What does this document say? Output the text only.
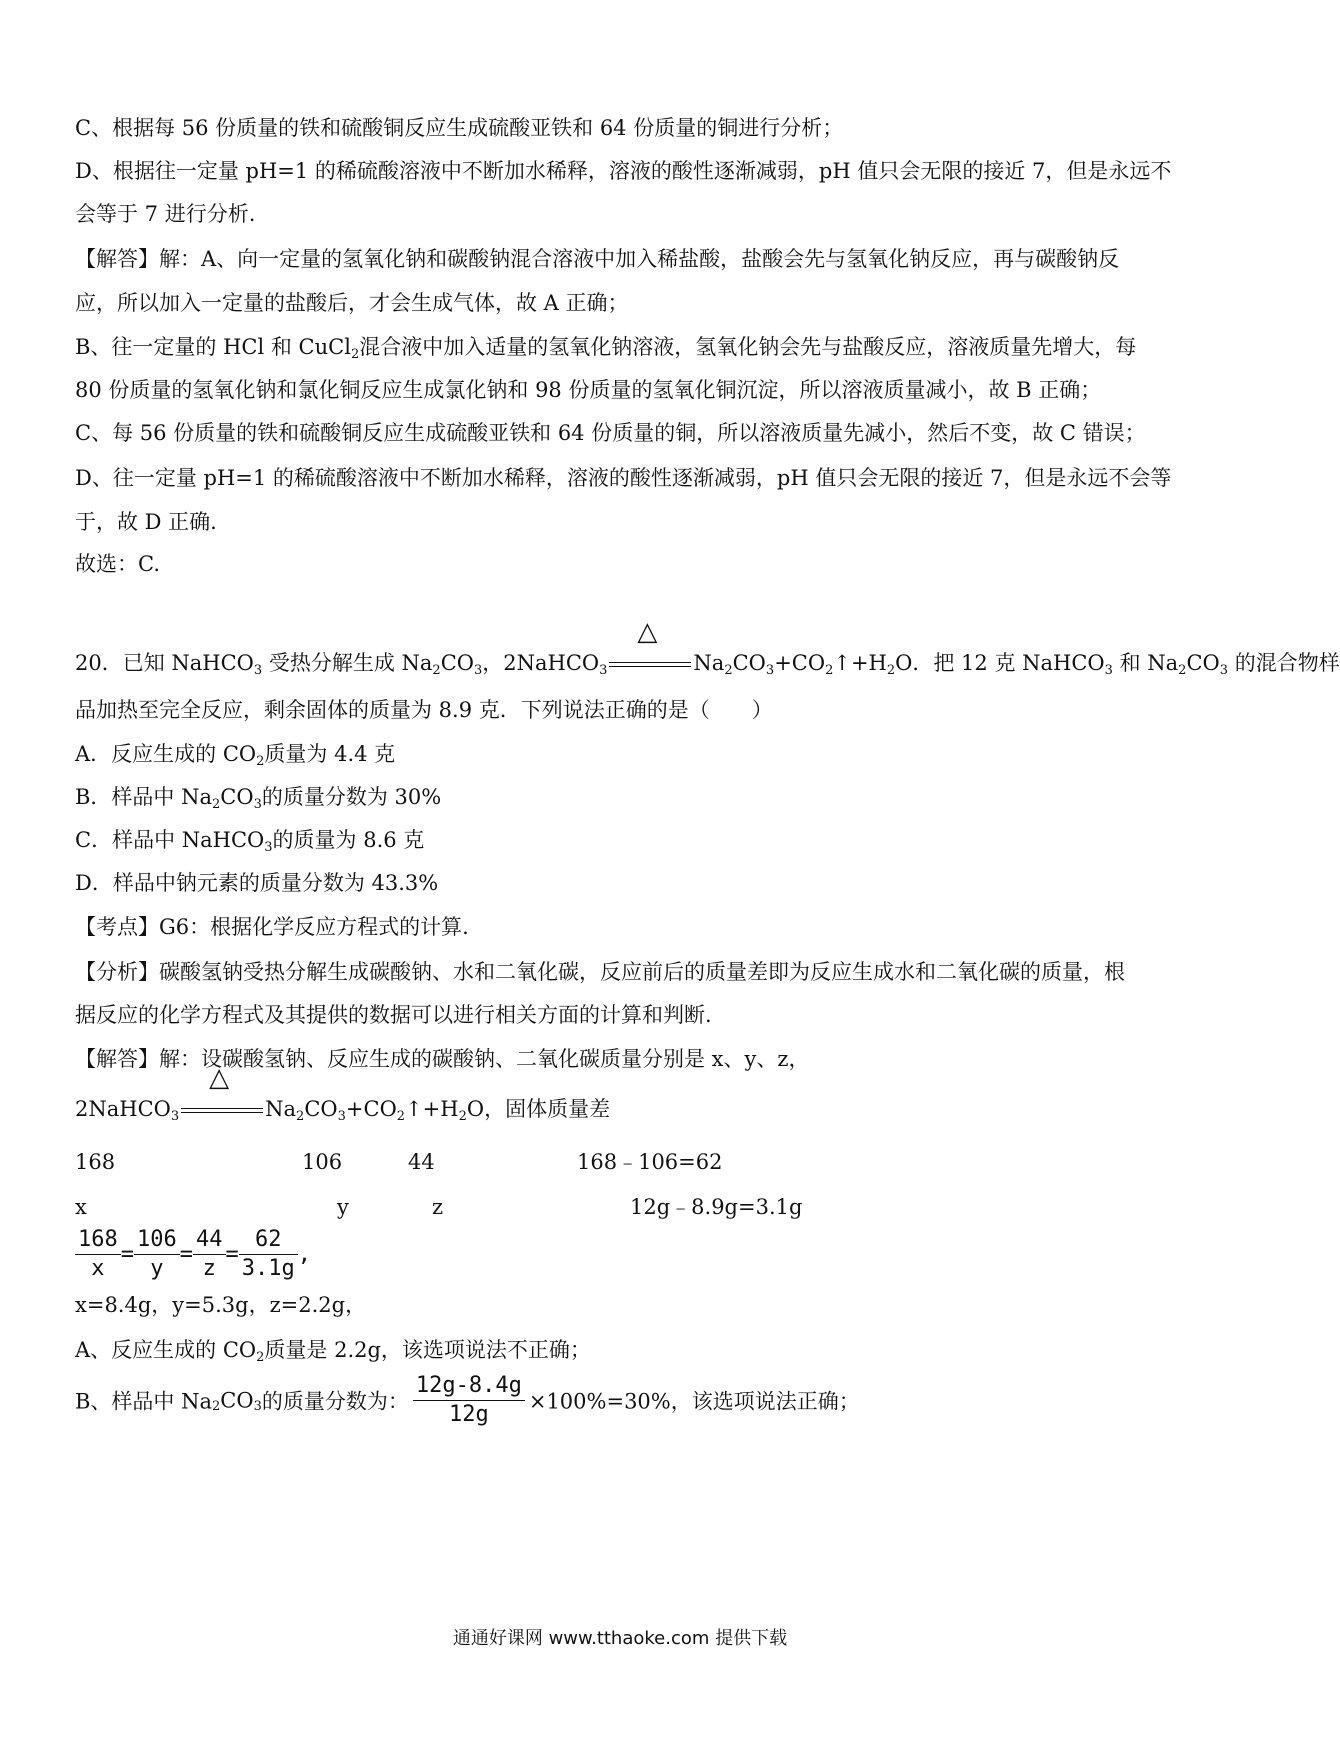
C、根据每 56 份质量的铁和硫酸铜反应生成硫酸亚铁和 64 份质量的铜进行分析；
D、根据往一定量 pH=1 的稀硫酸溶液中不断加水稀释，溶液的酸性逐渐减弱，pH 值只会无限的接近 7，但是永远不
会等于 7 进行分析.
【解答】解：A、向一定量的氢氧化钠和碳酸钠混合溶液中加入稀盐酸，盐酸会先与氢氧化钠反应，再与碳酸钠反
应，所以加入一定量的盐酸后，才会生成气体，故 A 正确；
B、往一定量的 HCl 和 CuCl$_2$混合液中加入适量的氢氧化钠溶液，氢氧化钠会先与盐酸反应，溶液质量先增大，每
80 份质量的氢氧化钠和氯化铜反应生成氯化钠和 98 份质量的氢氧化铜沉淀，所以溶液质量减小，故 B 正确；
C、每 56 份质量的铁和硫酸铜反应生成硫酸亚铁和 64 份质量的铜，所以溶液质量先减小，然后不变，故 C 错误；
D、往一定量 pH=1 的稀硫酸溶液中不断加水稀释，溶液的酸性逐渐减弱，pH 值只会无限的接近 7，但是永远不会等
于，故 D 正确.
故选：C.
20．已知 NaHCO$_3$ 受热分解生成 $Na_2CO_3$，2NaHCO$_3$
△
$Na_2CO_3+CO_2↑+H_2O$．把 12 克 NaHCO$_3$ 和 $Na_2CO_3$ 的混合物样
品加热至完全反应，剩余固体的质量为 8.9 克．下列说法正确的是（　　）
A．反应生成的 $CO_2$质量为 4.4 克
B．样品中 $Na_2CO_3$的质量分数为 30%
C．样品中 NaHCO$_3$的质量为 8.6 克
D．样品中钠元素的质量分数为 43.3%
【考点】G6：根据化学反应方程式的计算.
【分析】碳酸氢钠受热分解生成碳酸钠、水和二氧化碳，反应前后的质量差即为反应生成水和二氧化碳的质量，根
据反应的化学方程式及其提供的数据可以进行相关方面的计算和判断.
【解答】解：设碳酸氢钠、反应生成的碳酸钠、二氧化碳质量分别是 x、y、z，
2NaHCO$_3$
△
$Na_2CO_3+CO_2↑+H_2O$，固体质量差
168	106	44	168﹣106=62
x	y	z	12g﹣8.9g=3.1g
$\frac{168}{x} = \frac{106}{y} = \frac{44}{z} = \frac{62}{3.1g}$ ,
x=8.4g，y=5.3g，z=2.2g，
A、反应生成的 $CO_2$质量是 2.2g，该选项说法不正确；
B、样品中 $Na_2CO_3$的质量分数为： $\frac{12g-8.4g}{12g} \times 100\%=30\%$，该选项说法正确；
通通好课网 www.tthaoke.com 提供下载
